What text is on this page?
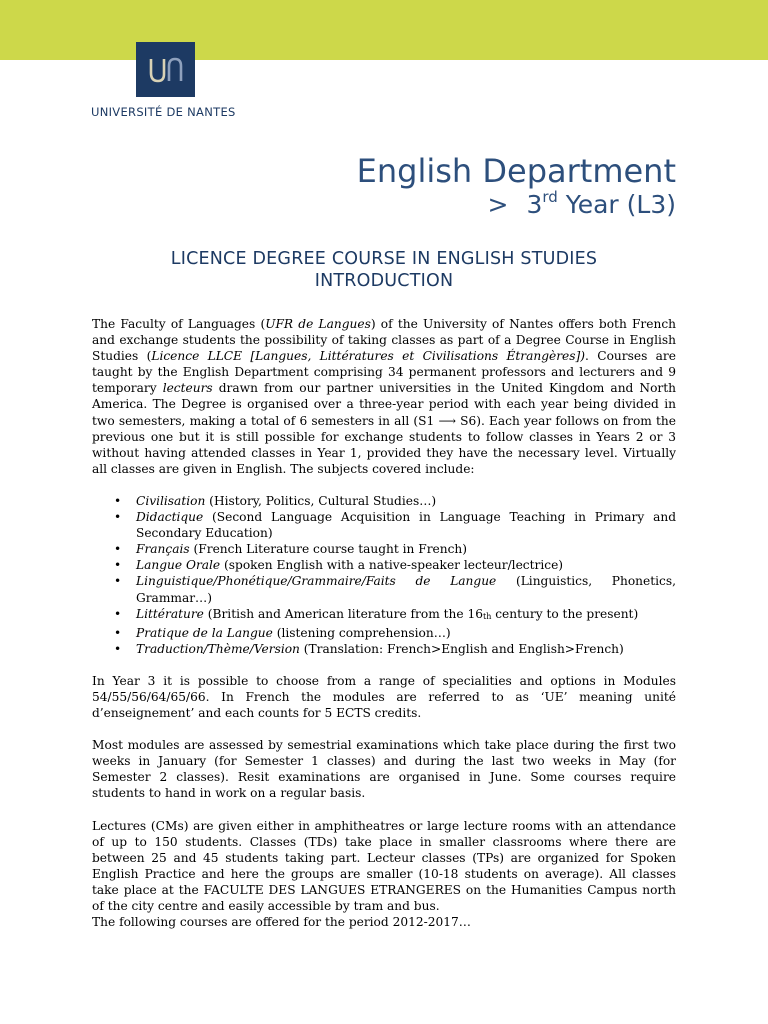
UNIVERSITÉ DE NANTES
English Department
> 3rd Year (L3)
LICENCE DEGREE COURSE IN ENGLISH STUDIES
INTRODUCTION

The Faculty of Languages (UFR de Langues) of the University of Nantes offers both French and exchange students the possibility of taking classes as part of a Degree Course in English Studies (Licence LLCE [Langues, Littératures et Civilisations Étrangères]). Courses are taught by the English Department comprising 34 permanent professors and lecturers and 9 temporary lecteurs drawn from our partner universities in the United Kingdom and North America. The Degree is organised over a three-year period with each year being divided in two semesters, making a total of 6 semesters in all (S1 ⟶ S6). Each year follows on from the previous one but it is still possible for exchange students to follow classes in Years 2 or 3 without having attended classes in Year 1, provided they have the necessary level. Virtually all classes are given in English. The subjects covered include:

• Civilisation (History, Politics, Cultural Studies…)
• Didactique (Second Language Acquisition in Language Teaching in Primary and Secondary Education)
• Français (French Literature course taught in French)
• Langue Orale (spoken English with a native-speaker lecteur/lectrice)
• Linguistique/Phonétique/Grammaire/Faits de Langue (Linguistics, Phonetics, Grammar…)
• Littérature (British and American literature from the 16th century to the present)
• Pratique de la Langue (listening comprehension…)
• Traduction/Thème/Version (Translation: French>English and English>French)

In Year 3 it is possible to choose from a range of specialities and options in Modules 54/55/56/64/65/66. In French the modules are referred to as ‘UE’ meaning unité d’enseignement’ and each counts for 5 ECTS credits.

Most modules are assessed by semestrial examinations which take place during the first two weeks in January (for Semester 1 classes) and during the last two weeks in May (for Semester 2 classes). Resit examinations are organised in June. Some courses require students to hand in work on a regular basis.

Lectures (CMs) are given either in amphitheatres or large lecture rooms with an attendance of up to 150 students. Classes (TDs) take place in smaller classrooms where there are between 25 and 45 students taking part. Lecteur classes (TPs) are organized for Spoken English Practice and here the groups are smaller (10-18 students on average). All classes take place at the FACULTE DES LANGUES ETRANGERES on the Humanities Campus north of the city centre and easily accessible by tram and bus.

The following courses are offered for the period 2012-2017…
